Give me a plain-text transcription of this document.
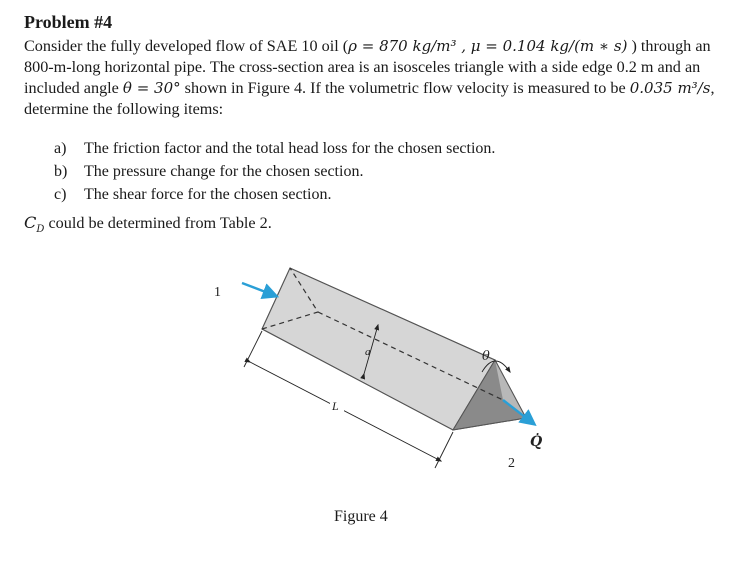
Problem #4
Consider the fully developed flow of SAE 10 oil (ρ = 870 kg/m³ , μ = 0.104 kg/(m ∗ s) ) through an 800-m-long horizontal pipe. The cross-section area is an isosceles triangle with a side edge 0.2 m and an included angle θ = 30° shown in Figure 4. If the volumetric flow velocity is measured to be 0.035 m³/s, determine the following items:
a) The friction factor and the total head loss for the chosen section.
b) The pressure change for the chosen section.
c) The shear force for the chosen section.
$C_D$ could be determined from Table 2.
a
L
θ
1
Q̇
2
Figure 4
